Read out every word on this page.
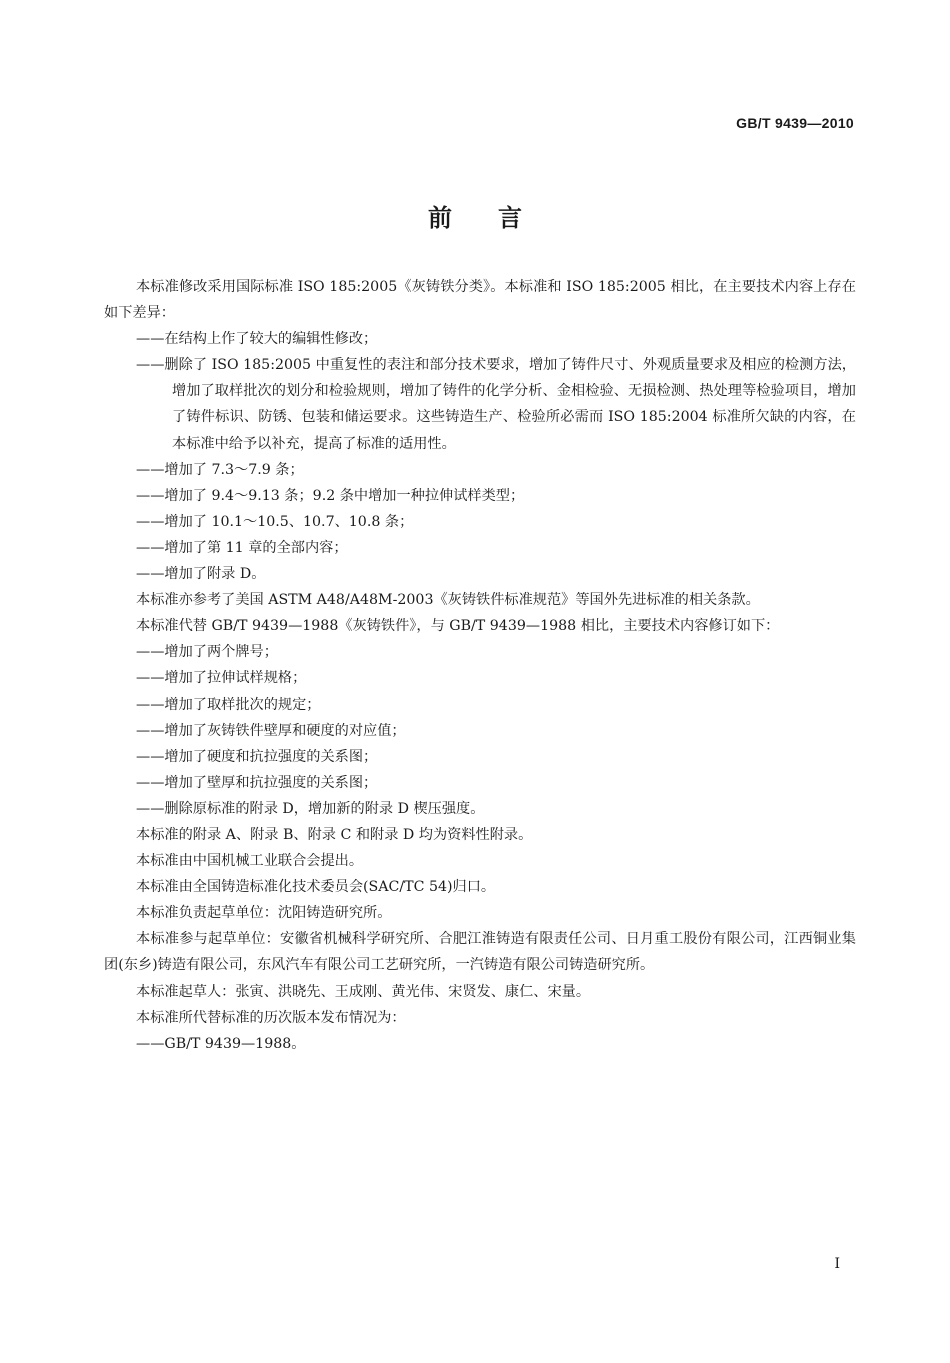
GB/T 9439—2010
前言

本标准修改采用国际标准 ISO 185:2005《灰铸铁分类》。本标准和 ISO 185:2005 相比，在主要技术内容上存在如下差异：

——在结构上作了较大的编辑性修改；

——删除了 ISO 185:2005 中重复性的表注和部分技术要求，增加了铸件尺寸、外观质量要求及相应的检测方法，增加了取样批次的划分和检验规则，增加了铸件的化学分析、金相检验、无损检测、热处理等检验项目，增加了铸件标识、防锈、包装和储运要求。这些铸造生产、检验所必需而 ISO 185:2004 标准所欠缺的内容，在本标准中给予以补充，提高了标准的适用性。

——增加了 7.3～7.9 条；

——增加了 9.4～9.13 条；9.2 条中增加一种拉伸试样类型；

——增加了 10.1～10.5、10.7、10.8 条；

——增加了第 11 章的全部内容；

——增加了附录 D。

本标准亦参考了美国 ASTM A48/A48M-2003《灰铸铁件标准规范》等国外先进标准的相关条款。

本标准代替 GB/T 9439—1988《灰铸铁件》，与 GB/T 9439—1988 相比，主要技术内容修订如下：

——增加了两个牌号；

——增加了拉伸试样规格；

——增加了取样批次的规定；

——增加了灰铸铁件壁厚和硬度的对应值；

——增加了硬度和抗拉强度的关系图；

——增加了壁厚和抗拉强度的关系图；

——删除原标准的附录 D，增加新的附录 D 楔压强度。

本标准的附录 A、附录 B、附录 C 和附录 D 均为资料性附录。

本标准由中国机械工业联合会提出。

本标准由全国铸造标准化技术委员会(SAC/TC 54)归口。

本标准负责起草单位：沈阳铸造研究所。

本标准参与起草单位：安徽省机械科学研究所、合肥江淮铸造有限责任公司、日月重工股份有限公司，江西铜业集团(东乡)铸造有限公司，东风汽车有限公司工艺研究所，一汽铸造有限公司铸造研究所。

本标准起草人：张寅、洪晓先、王成刚、黄光伟、宋贤发、康仁、宋量。

本标准所代替标准的历次版本发布情况为：

——GB/T 9439—1988。

I
